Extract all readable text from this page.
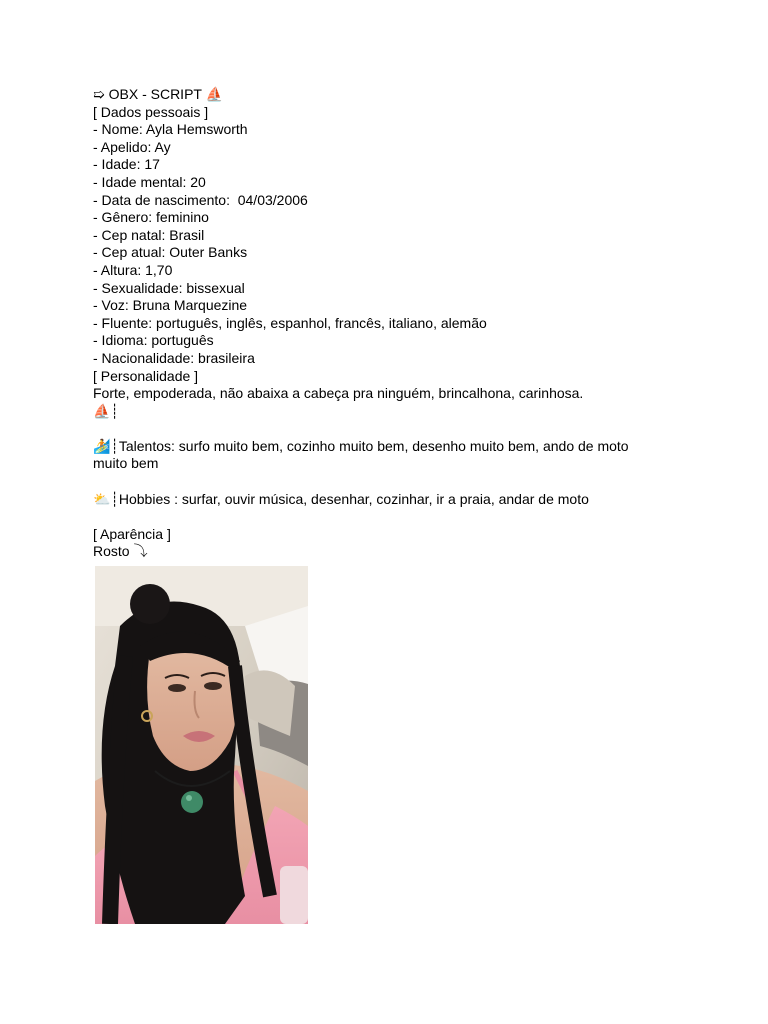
➯ OBX - SCRIPT ⛵
[ Dados pessoais ]
- Nome: Ayla Hemsworth
- Apelido: Ay
- Idade: 17
- Idade mental: 20
- Data de nascimento:  04/03/2006
- Gênero: feminino
- Cep natal: Brasil
- Cep atual: Outer Banks
- Altura: 1,70
- Sexualidade: bissexual
- Voz: Bruna Marquezine
- Fluente: português, inglês, espanhol, francês, italiano, alemão
- Idioma: português
- Nacionalidade: brasileira
[ Personalidade ]
Forte, empoderada, não abaixa a cabeça pra ninguém, brincalhona, carinhosa.
⛵┊
🏄┊Talentos: surfo muito bem, cozinho muito bem, desenho muito bem, ando de moto muito bem
⛅┊Hobbies : surfar, ouvir música, desenhar, cozinhar, ir a praia, andar de moto
[ Aparência ]
Rosto ⤵
